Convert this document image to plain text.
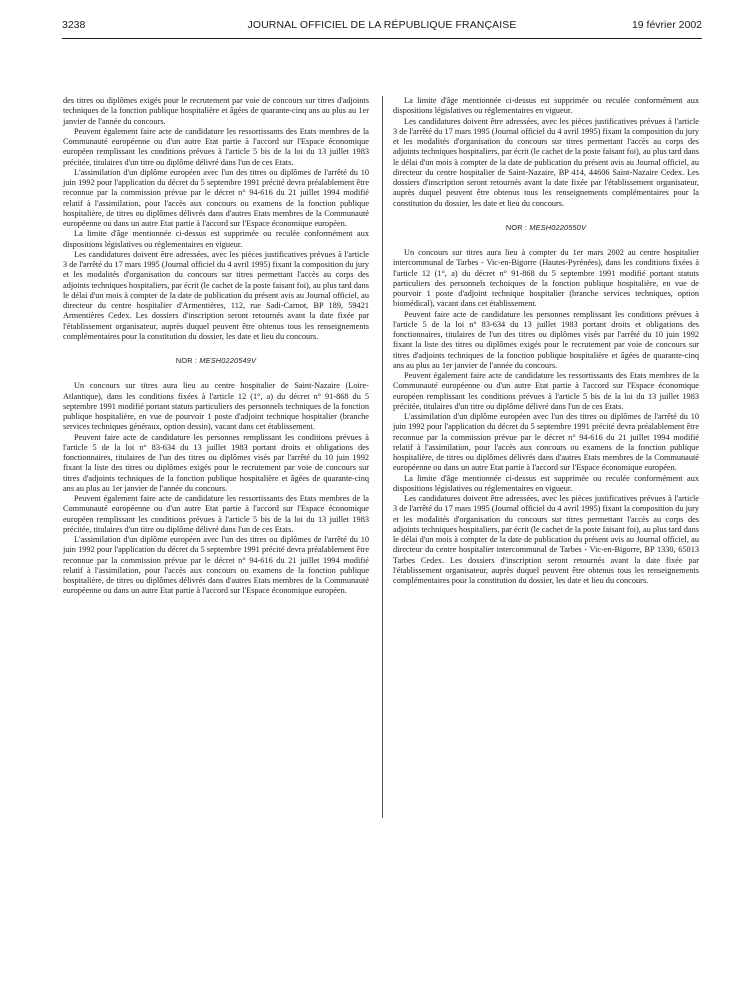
3238	JOURNAL OFFICIEL DE LA RÉPUBLIQUE FRANÇAISE	19 février 2002

des titres ou diplômes exigés pour le recrutement par voie de concours sur titres d'adjoints techniques de la fonction publique hospitalière et âgées de quarante-cinq ans au plus au 1er janvier de l'année du concours.

Peuvent également faire acte de candidature les ressortissants des Etats membres de la Communauté européenne ou d'un autre Etat partie à l'accord sur l'Espace économique européen remplissant les conditions prévues à l'article 5 bis de la loi du 13 juillet 1983 précitée, titulaires d'un titre ou diplôme délivré dans l'un de ces Etats.

L'assimilation d'un diplôme européen avec l'un des titres ou diplômes de l'arrêté du 10 juin 1992 pour l'application du décret du 5 septembre 1991 précité devra préalablement être reconnue par la commission prévue par le décret n° 94-616 du 21 juillet 1994 modifié relatif à l'assimilation, pour l'accès aux concours ou examens de la fonction publique hospitalière, de titres ou diplômes délivrés dans d'autres Etats membres de la Communauté européenne ou dans un autre Etat partie à l'accord sur l'Espace économique européen.

La limite d'âge mentionnée ci-dessus est supprimée ou reculée conformément aux dispositions législatives ou réglementaires en vigueur.

Les candidatures doivent être adressées, avec les pièces justificatives prévues à l'article 3 de l'arrêté du 17 mars 1995 (Journal officiel du 4 avril 1995) fixant la composition du jury et les modalités d'organisation du concours sur titres permettant l'accès au corps des adjoints techniques hospitaliers, par écrit (le cachet de la poste faisant foi), au plus tard dans le délai d'un mois à compter de la date de publication du présent avis au Journal officiel, au directeur du centre hospitalier d'Armentières, 112, rue Sadi-Carnot, BP 189, 59421 Armentières Cedex. Les dossiers d'inscription seront retournés avant la date fixée par l'établissement organisateur, auprès duquel peuvent être obtenus tous les renseignements complémentaires pour la constitution du dossier, les date et lieu du concours.

NOR : MESH0220549V

Un concours sur titres aura lieu au centre hospitalier de Saint-Nazaire (Loire-Atlantique), dans les conditions fixées à l'article 12 (1°, a) du décret n° 91-868 du 5 septembre 1991 modifié portant statuts particuliers des personnels techniques de la fonction publique hospitalière, en vue de pourvoir 1 poste d'adjoint technique hospitalier (branche services techniques généraux, option dessin), vacant dans cet établissement.

Peuvent faire acte de candidature les personnes remplissant les conditions prévues à l'article 5 de la loi n° 83-634 du 13 juillet 1983 portant droits et obligations des fonctionnaires, titulaires de l'un des titres ou diplômes visés par l'arrêté du 10 juin 1992 fixant la liste des titres ou diplômes exigés pour le recrutement par voie de concours sur titres d'adjoints techniques de la fonction publique hospitalière et âgées de quarante-cinq ans au plus au 1er janvier de l'année du concours.

Peuvent également faire acte de candidature les ressortissants des Etats membres de la Communauté européenne ou d'un autre Etat partie à l'accord sur l'Espace économique européen remplissant les conditions prévues à l'article 5 bis de la loi du 13 juillet 1983 précitée, titulaires d'un titre ou diplôme délivré dans l'un de ces Etats.

L'assimilation d'un diplôme européen avec l'un des titres ou diplômes de l'arrêté du 10 juin 1992 pour l'application du décret du 5 septembre 1991 précité devra préalablement être reconnue par la commission prévue par le décret n° 94-616 du 21 juillet 1994 modifié relatif à l'assimilation, pour l'accès aux concours ou examens de la fonction publique hospitalière, de titres ou diplômes délivrés dans d'autres Etats membres de la Communauté européenne ou dans un autre Etat partie à l'accord sur l'Espace économique européen.

La limite d'âge mentionnée ci-dessus est supprimée ou reculée conformément aux dispositions législatives ou réglementaires en vigueur.

Les candidatures doivent être adressées, avec les pièces justificatives prévues à l'article 3 de l'arrêté du 17 mars 1995 (Journal officiel du 4 avril 1995) fixant la composition du jury et les modalités d'organisation du concours sur titres permettant l'accès au corps des adjoints techniques hospitaliers, par écrit (le cachet de la poste faisant foi), au plus tard dans le délai d'un mois à compter de la date de publication du présent avis au Journal officiel, au directeur du centre hospitalier de Saint-Nazaire, BP 414, 44606 Saint-Nazaire Cedex. Les dossiers d'inscription seront retournés avant la date fixée par l'établissement organisateur, auprès duquel peuvent être obtenus tous les renseignements complémentaires pour la constitution du dossier, les date et lieu du concours.

NOR : MESH0220550V

Un concours sur titres aura lieu à compter du 1er mars 2002 au centre hospitalier intercommunal de Tarbes - Vic-en-Bigorre (Hautes-Pyrénées), dans les conditions fixées à l'article 12 (1°, a) du décret n° 91-868 du 5 septembre 1991 modifié portant statuts particuliers des personnels techniques de la fonction publique hospitalière, en vue de pourvoir 1 poste d'adjoint technique hospitalier (branche services techniques, option biomédical), vacant dans cet établissement.

Peuvent faire acte de candidature les personnes remplissant les conditions prévues à l'article 5 de la loi n° 83-634 du 13 juillet 1983 portant droits et obligations des fonctionnaires, titulaires de l'un des titres ou diplômes visés par l'arrêté du 10 juin 1992 fixant la liste des titres ou diplômes exigés pour le recrutement par voie de concours sur titres d'adjoints techniques de la fonction publique hospitalière et âgées de quarante-cinq ans au plus au 1er janvier de l'année du concours.

Peuvent également faire acte de candidature les ressortissants des Etats membres de la Communauté européenne ou d'un autre Etat partie à l'accord sur l'Espace économique européen remplissant les conditions prévues à l'article 5 bis de la loi du 13 juillet 1983 précitée, titulaires d'un titre ou diplôme délivré dans l'un de ces Etats.

L'assimilation d'un diplôme européen avec l'un des titres ou diplômes de l'arrêté du 10 juin 1992 pour l'application du décret du 5 septembre 1991 précité devra préalablement être reconnue par la commission prévue par le décret n° 94-616 du 21 juillet 1994 modifié relatif à l'assimilation, pour l'accès aux concours ou examens de la fonction publique hospitalière, de titres ou diplômes délivrés dans d'autres Etats membres de la Communauté européenne ou dans un autre Etat partie à l'accord sur l'Espace économique européen.

La limite d'âge mentionnée ci-dessus est supprimée ou reculée conformément aux dispositions législatives ou réglementaires en vigueur.

Les candidatures doivent être adressées, avec les pièces justificatives prévues à l'article 3 de l'arrêté du 17 mars 1995 (Journal officiel du 4 avril 1995) fixant la composition du jury et les modalités d'organisation du concours sur titres permettant l'accès au corps des adjoints techniques hospitaliers, par écrit (le cachet de la poste faisant foi), au plus tard dans le délai d'un mois à compter de la date de publication du présent avis au Journal officiel, au directeur du centre hospitalier intercommunal de Tarbes - Vic-en-Bigorre, BP 1330, 65013 Tarbes Cedex. Les dossiers d'inscription seront retournés avant la date fixée par l'établissement organisateur, auprès duquel peuvent être obtenus tous les renseignements complémentaires pour la constitution du dossier, les date et lieu du concours.
